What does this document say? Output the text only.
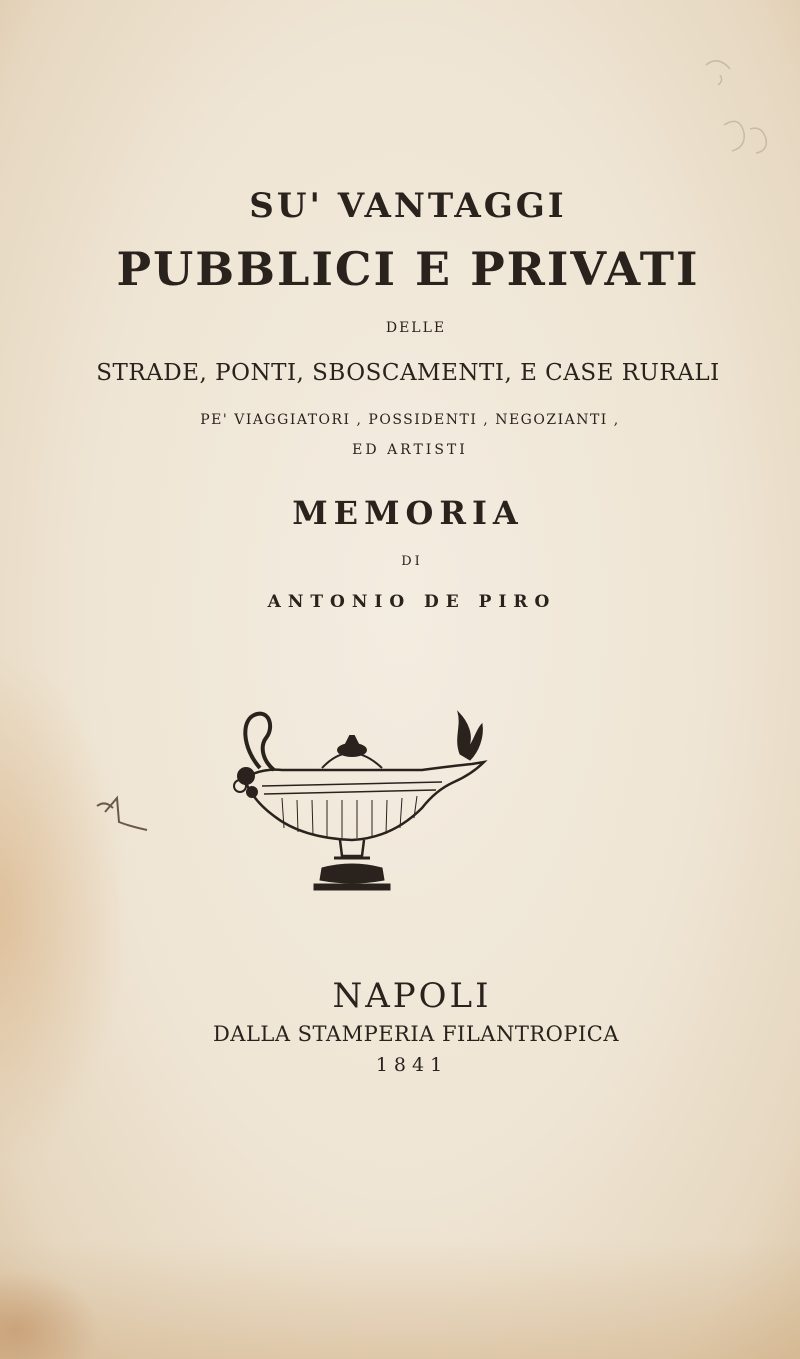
SU' VANTAGGI
PUBBLICI E PRIVATI
DELLE
STRADE, PONTI, SBOSCAMENTI, E CASE RURALI
PE' VIAGGIATORI , POSSIDENTI , NEGOZIANTI ,
ED ARTISTI
MEMORIA
DI
ANTONIO DE PIRO
NAPOLI
DALLA STAMPERIA FILANTROPICA
1841
